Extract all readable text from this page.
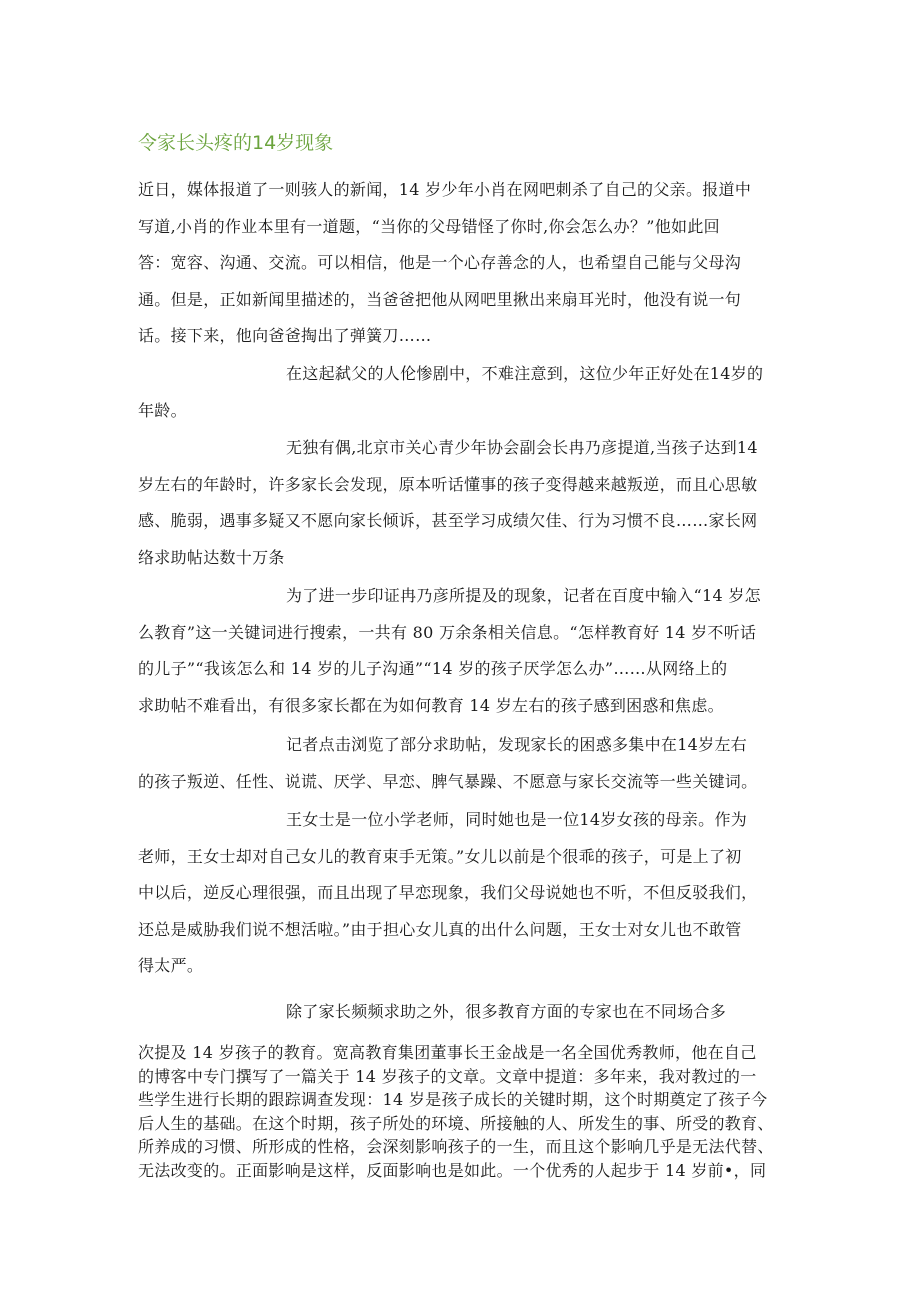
令家长头疼的14岁现象
近日，媒体报道了一则骇人的新闻，14 岁少年小肖在网吧刺杀了自己的父亲。报道中
写道,小肖的作业本里有一道题，“当你的父母错怪了你时,你会怎么办？”他如此回
答：宽容、沟通、交流。可以相信，他是一个心存善念的人，也希望自己能与父母沟
通。但是，正如新闻里描述的，当爸爸把他从网吧里揪出来扇耳光时，他没有说一句
话。接下来，他向爸爸掏出了弹簧刀……
在这起弑父的人伦惨剧中，不难注意到，这位少年正好处在14岁的
年龄。
无独有偶,北京市关心青少年协会副会长冉乃彦提道,当孩子达到14
岁左右的年龄时，许多家长会发现，原本听话懂事的孩子变得越来越叛逆，而且心思敏
感、脆弱，遇事多疑又不愿向家长倾诉，甚至学习成绩欠佳、行为习惯不良……家长网
络求助帖达数十万条
为了进一步印证冉乃彦所提及的现象，记者在百度中输入“14 岁怎
么教育”这一关键词进行搜索，一共有 80 万余条相关信息。“怎样教育好 14 岁不听话
的儿子”“我该怎么和 14 岁的儿子沟通”“14 岁的孩子厌学怎么办”……从网络上的
求助帖不难看出，有很多家长都在为如何教育 14 岁左右的孩子感到困惑和焦虑。
记者点击浏览了部分求助帖，发现家长的困惑多集中在14岁左右
的孩子叛逆、任性、说谎、厌学、早恋、脾气暴躁、不愿意与家长交流等一些关键词。
王女士是一位小学老师，同时她也是一位14岁女孩的母亲。作为
老师，王女士却对自己女儿的教育束手无策。”女儿以前是个很乖的孩子，可是上了初
中以后，逆反心理很强，而且出现了早恋现象，我们父母说她也不听，不但反驳我们，
还总是威胁我们说不想活啦。”由于担心女儿真的出什么问题，王女士对女儿也不敢管
得太严。
除了家长频频求助之外，很多教育方面的专家也在不同场合多
次提及 14 岁孩子的教育。宽高教育集团董事长王金战是一名全国优秀教师，他在自己
的博客中专门撰写了一篇关于 14 岁孩子的文章。文章中提道：多年来，我对教过的一
些学生进行长期的跟踪调查发现：14 岁是孩子成长的关键时期，这个时期奠定了孩子今
后人生的基础。在这个时期，孩子所处的环境、所接触的人、所发生的事、所受的教育、
所养成的习惯、所形成的性格，会深刻影响孩子的一生，而且这个影响几乎是无法代替、
无法改变的。正面影响是这样，反面影响也是如此。一个优秀的人起步于 14 岁前•，同
